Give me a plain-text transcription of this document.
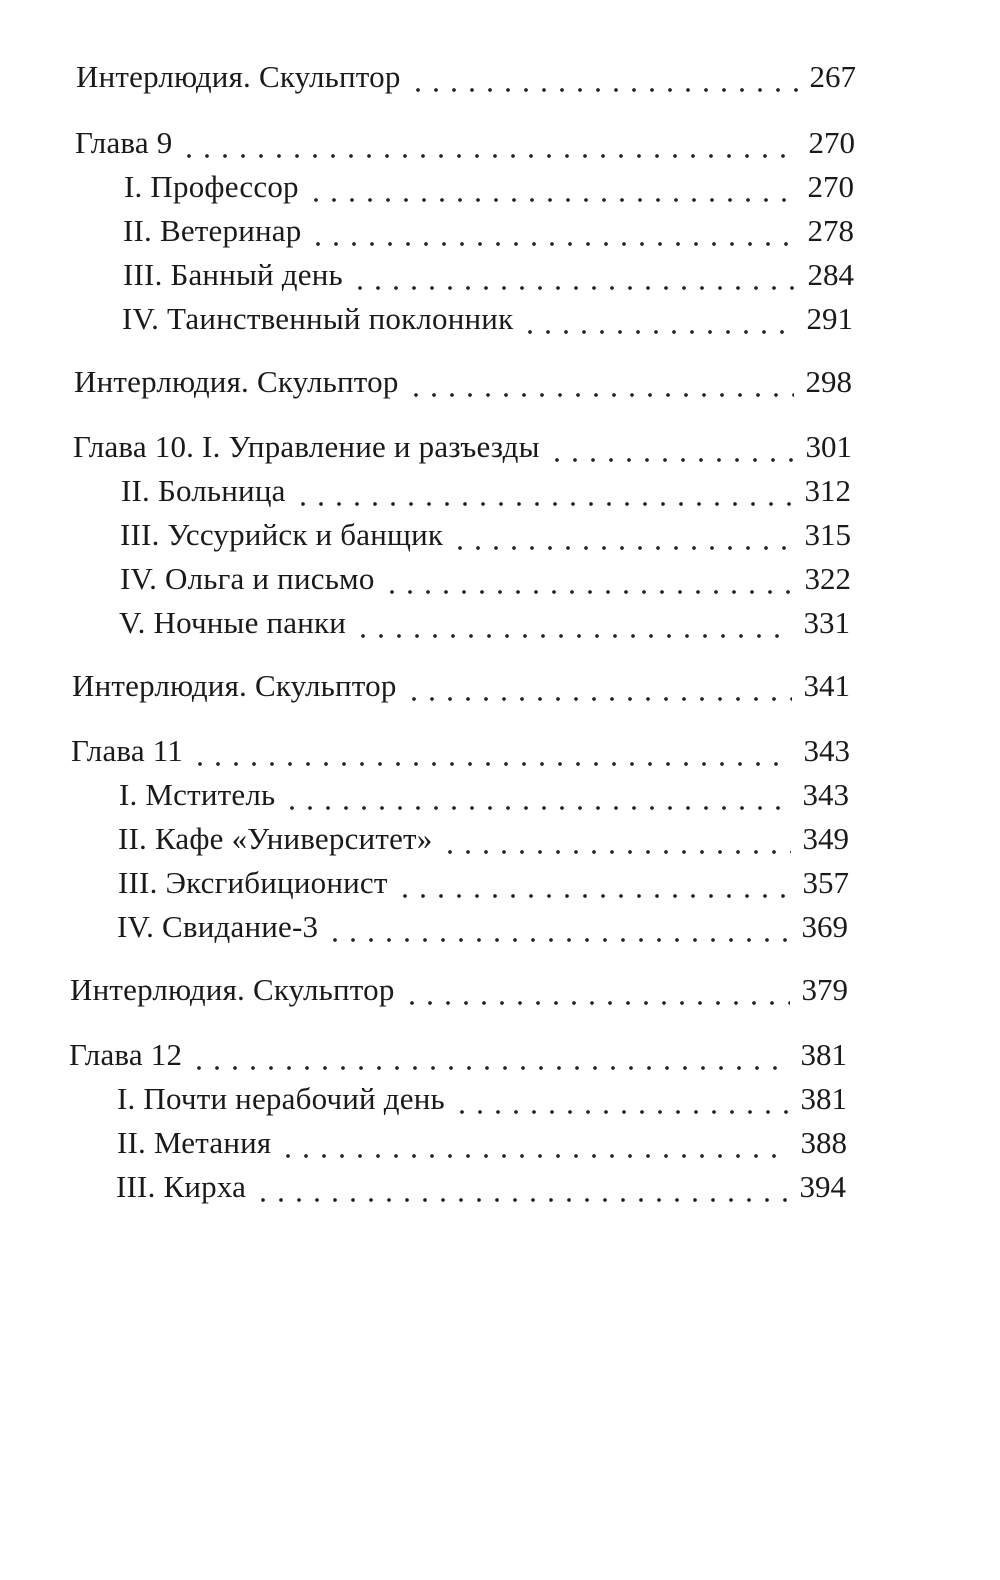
Интерлюдия. Скульптор	267
Глава 9	270
I. Профессор	270
II. Ветеринар	278
III. Банный день	284
IV. Таинственный поклонник	291
Интерлюдия. Скульптор	298
Глава 10. I. Управление и разъезды	301
II. Больница	312
III. Уссурийск и банщик	315
IV. Ольга и письмо	322
V. Ночные панки	331
Интерлюдия. Скульптор	341
Глава 11	343
I. Мститель	343
II. Кафе «Университет»	349
III. Эксгибиционист	357
IV. Свидание-3	369
Интерлюдия. Скульптор	379
Глава 12	381
I. Почти нерабочий день	381
II. Метания	388
III. Кирха	394
